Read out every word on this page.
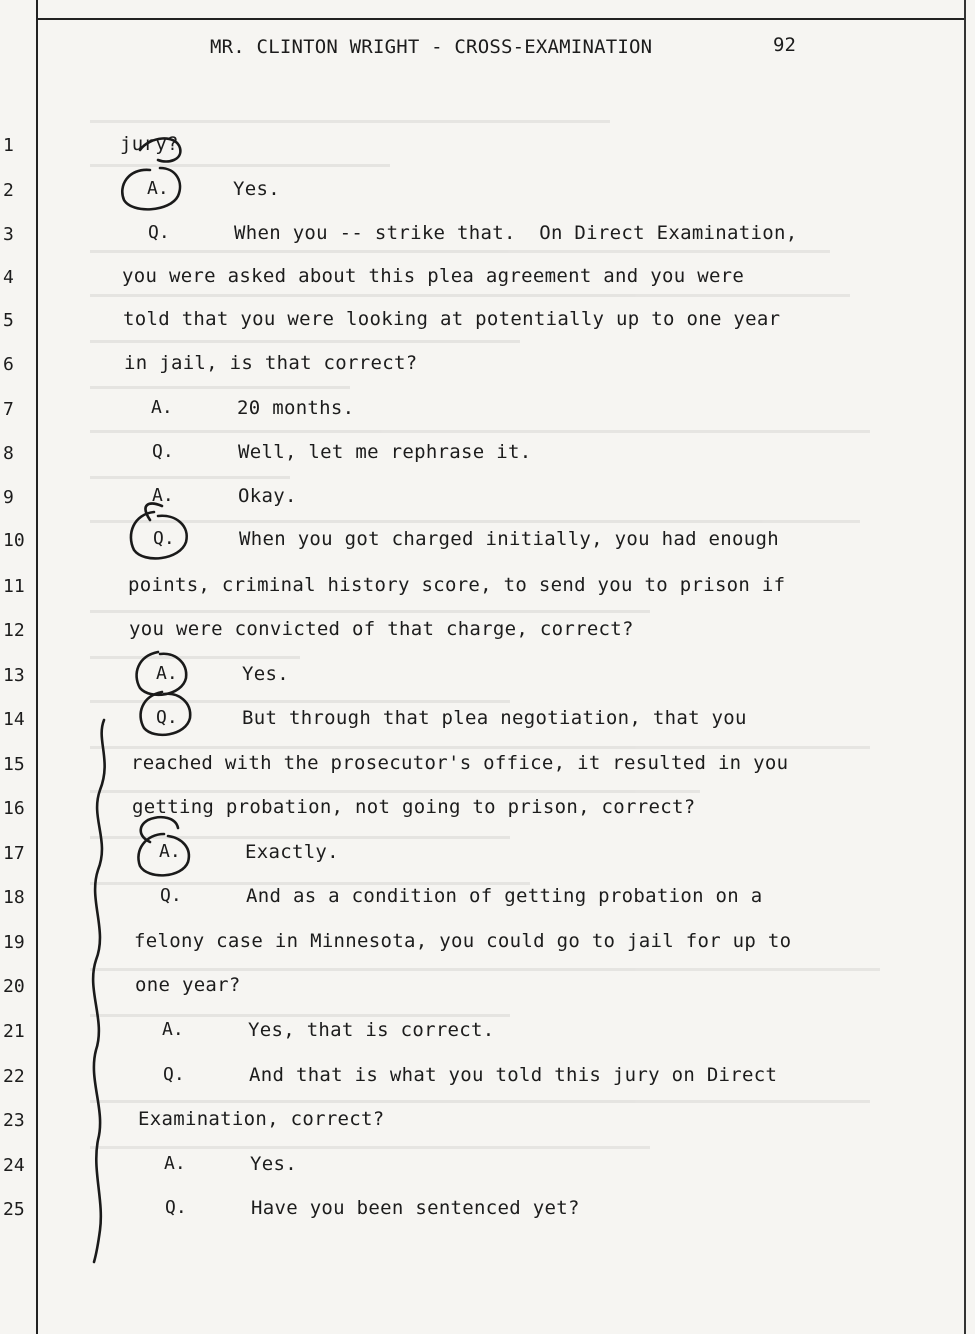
MR. CLINTON WRIGHT - CROSS-EXAMINATION	92
1	jury?
2	A.	Yes.
3	Q.	When you -- strike that.  On Direct Examination,
4	you were asked about this plea agreement and you were
5	told that you were looking at potentially up to one year
6	in jail, is that correct?
7	A.	20 months.
8	Q.	Well, let me rephrase it.
9	A.	Okay.
10	Q.	When you got charged initially, you had enough
11	points, criminal history score, to send you to prison if
12	you were convicted of that charge, correct?
13	A.	Yes.
14	Q.	But through that plea negotiation, that you
15	reached with the prosecutor's office, it resulted in you
16	getting probation, not going to prison, correct?
17	A.	Exactly.
18	Q.	And as a condition of getting probation on a
19	felony case in Minnesota, you could go to jail for up to
20	one year?
21	A.	Yes, that is correct.
22	Q.	And that is what you told this jury on Direct
23	Examination, correct?
24	A.	Yes.
25	Q.	Have you been sentenced yet?
